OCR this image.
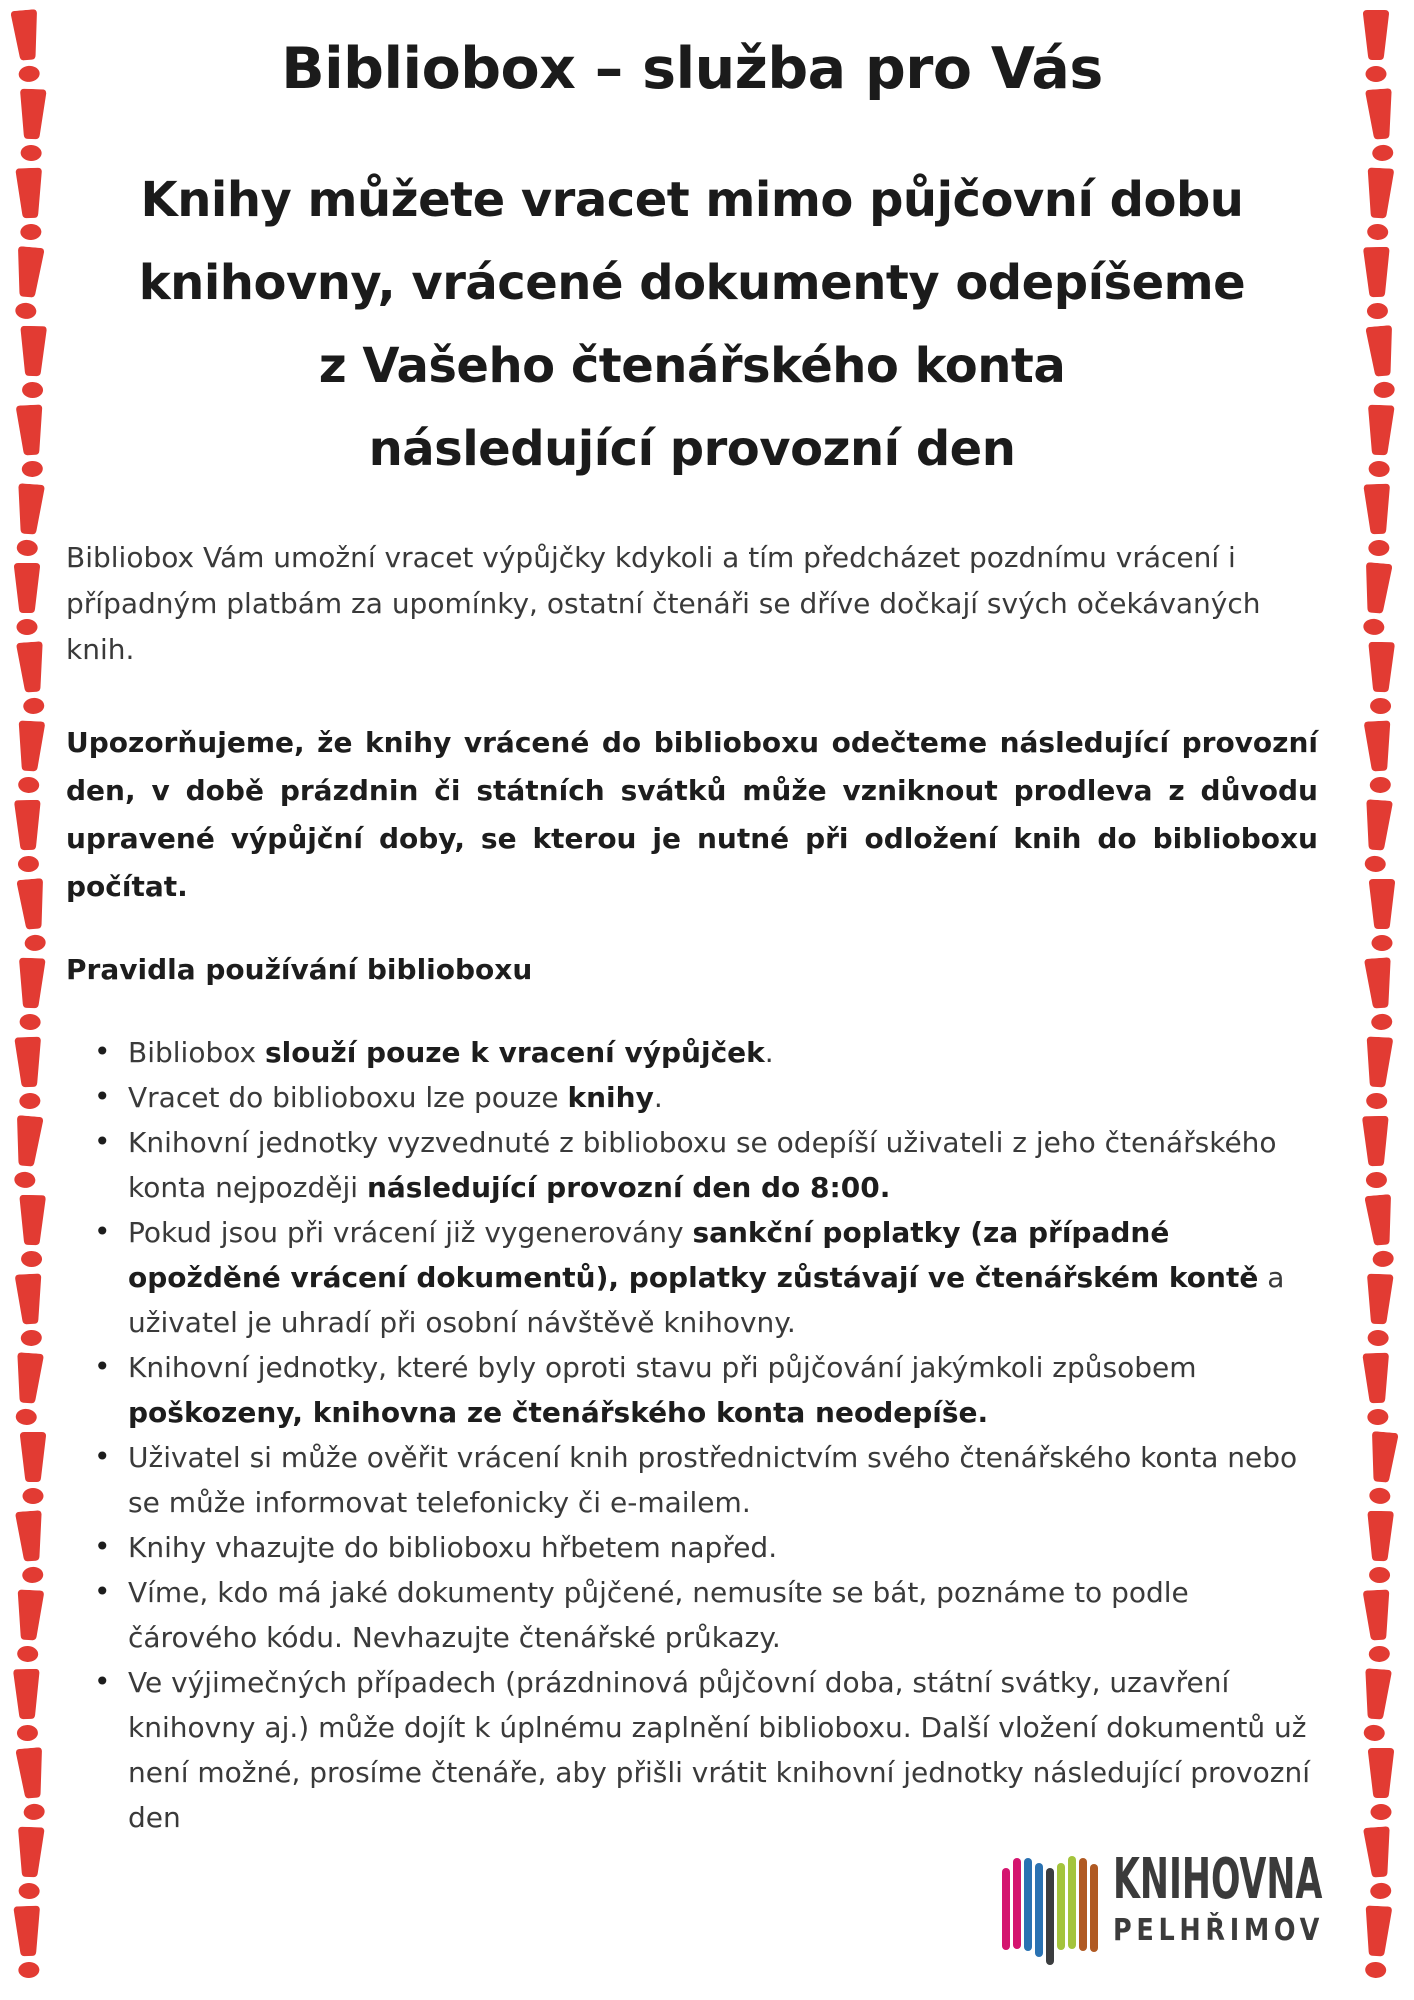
Bibliobox – služba pro Vás
Knihy můžete vracet mimo půjčovní dobu
knihovny, vrácené dokumenty odepíšeme
z Vašeho čtenářského konta
následující provozní den

Bibliobox Vám umožní vracet výpůjčky kdykoli a tím předcházet pozdnímu vrácení i případným platbám za upomínky, ostatní čtenáři se dříve dočkají svých očekávaných knih.

Upozorňujeme, že knihy vrácené do biblioboxu odečteme následující provozní den, v době prázdnin či státních svátků může vzniknout prodleva z důvodu upravené výpůjční doby, se kterou je nutné při odložení knih do biblioboxu počítat.

Pravidla používání biblioboxu
• Bibliobox slouží pouze k vracení výpůjček.
• Vracet do biblioboxu lze pouze knihy.
• Knihovní jednotky vyzvednuté z biblioboxu se odepíší uživateli z jeho čtenářského konta nejpozději následující provozní den do 8:00.
• Pokud jsou při vrácení již vygenerovány sankční poplatky (za případné opožděné vrácení dokumentů), poplatky zůstávají ve čtenářském kontě a uživatel je uhradí při osobní návštěvě knihovny.
• Knihovní jednotky, které byly oproti stavu při půjčování jakýmkoli způsobem poškozeny, knihovna ze čtenářského konta neodepíše.
• Uživatel si může ověřit vrácení knih prostřednictvím svého čtenářského konta nebo se může informovat telefonicky či e-mailem.
• Knihy vhazujte do biblioboxu hřbetem napřed.
• Víme, kdo má jaké dokumenty půjčené, nemusíte se bát, poznáme to podle čárového kódu. Nevhazujte čtenářské průkazy.
• Ve výjimečných případech (prázdninová půjčovní doba, státní svátky, uzavření knihovny aj.) může dojít k úplnému zaplnění biblioboxu. Další vložení dokumentů už není možné, prosíme čtenáře, aby přišli vrátit knihovní jednotky následující provozní den
KNIHOVNA
PELHŘIMOV
